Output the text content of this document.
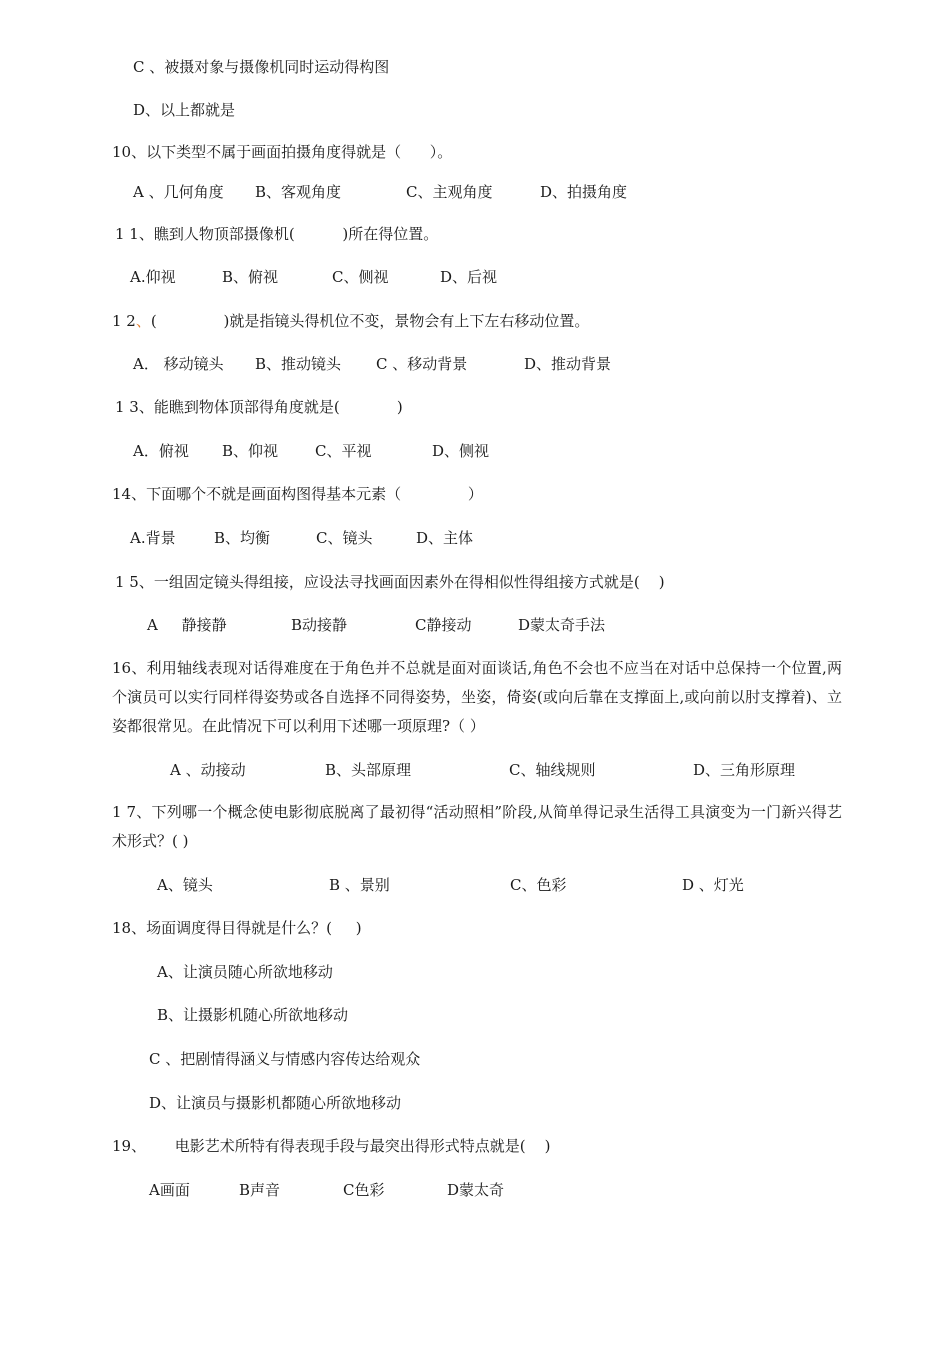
C 、被摄对象与摄像机同时运动得构图
D、以上都就是
10、以下类型不属于画面拍摄角度得就是（      ）。
A 、几何角度 B、客观角度	C、主观角度	D、拍摄角度
1 1、瞧到人物顶部摄像机(          )所在得位置。
A.仰视	B、俯视	C、侧视	D、后视
1 2、(              )就是指镜头得机位不变，景物会有上下左右移动位置。
A． 移动镜头 B、推动镜头 C 、移动背景	D、推动背景
1 3、能瞧到物体顶部得角度就是(            )
A．俯视 B、仰视 C、平视	D、侧视
14、下面哪个不就是画面构图得基本元素（              ）
A.背景	B、均衡	C、镜头	D、主体
1 5、一组固定镜头得组接，应设法寻找画面因素外在得相似性得组接方式就是(    )
A     静接静	B动接静	C静接动	D蒙太奇手法
16、利用轴线表现对话得难度在于角色并不总就是面对面谈话,角色不会也不应当在对话中总保持一个位置,两个演员可以实行同样得姿势或各自选择不同得姿势，坐姿，倚姿(或向后靠在支撑面上,或向前以肘支撑着)、立姿都很常见。在此情况下可以利用下述哪一项原理?（ ）
A 、动接动	B、头部原理	C、轴线规则	D、三角形原理
1 7、下列哪一个概念使电影彻底脱离了最初得“活动照相”阶段,从简单得记录生活得工具演变为一门新兴得艺术形式？( )
A、镜头	B 、景别	C、色彩	D 、灯光
18、场面调度得目得就是什么？(     )
A、让演员随心所欲地移动
B、让摄影机随心所欲地移动
C 、把剧情得涵义与情感内容传达给观众
D、让演员与摄影机都随心所欲地移动
19、      电影艺术所特有得表现手段与最突出得形式特点就是(    )
A画面	B声音	C色彩	D蒙太奇
